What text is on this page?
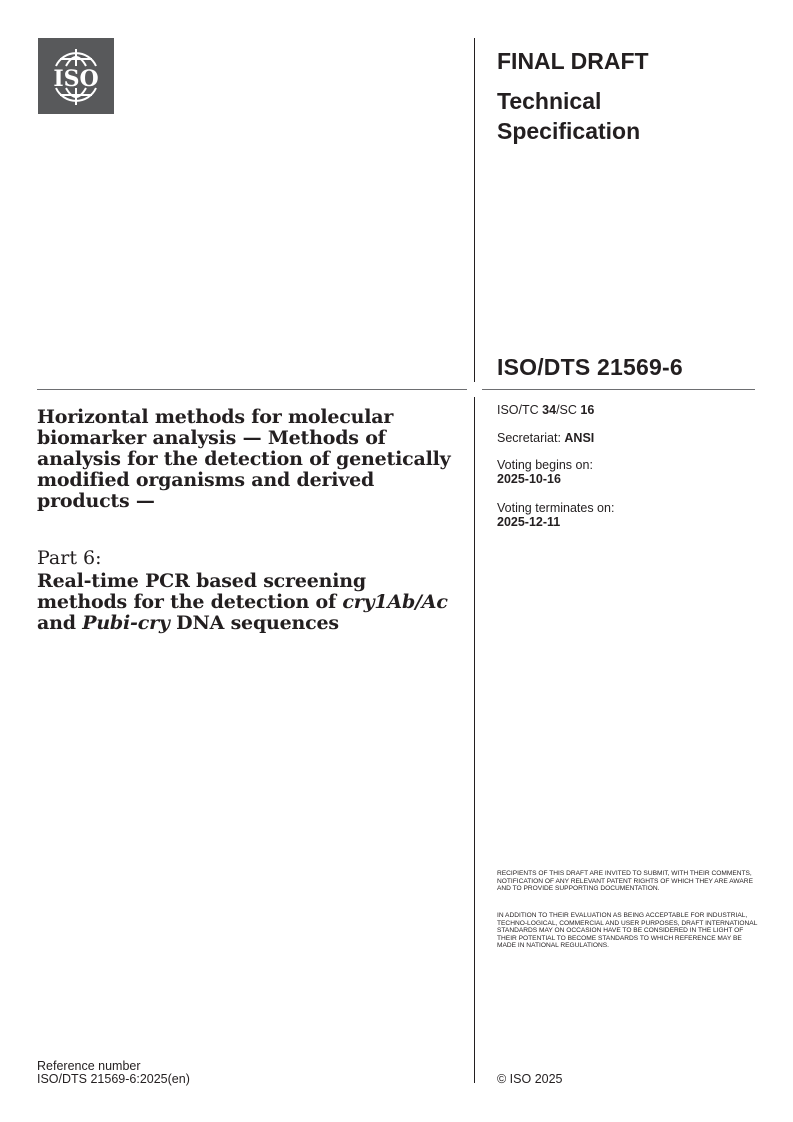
ISO
FINAL DRAFT
Technical Specification
ISO/DTS 21569-6
ISO/TC 34/SC 16
Secretariat: ANSI
Voting begins on:
2025-10-16
Voting terminates on:
2025-12-11
Horizontal methods for molecular biomarker analysis — Methods of analysis for the detection of genetically modified organisms and derived products —
Part 6:
Real-time PCR based screening methods for the detection of cry1Ab/Ac and Pubi-cry DNA sequences
RECIPIENTS OF THIS DRAFT ARE INVITED TO SUBMIT, WITH THEIR COMMENTS, NOTIFICATION OF ANY RELEVANT PATENT RIGHTS OF WHICH THEY ARE AWARE AND TO PROVIDE SUPPORTING DOCUMENTATION.
IN ADDITION TO THEIR EVALUATION AS BEING ACCEPTABLE FOR INDUSTRIAL, TECHNO-LOGICAL, COMMERCIAL AND USER PURPOSES, DRAFT INTERNATIONAL STANDARDS MAY ON OCCASION HAVE TO BE CONSIDERED IN THE LIGHT OF THEIR POTENTIAL TO BECOME STANDARDS TO WHICH REFERENCE MAY BE MADE IN NATIONAL REGULATIONS.
Reference number
ISO/DTS 21569-6:2025(en)	© ISO 2025
